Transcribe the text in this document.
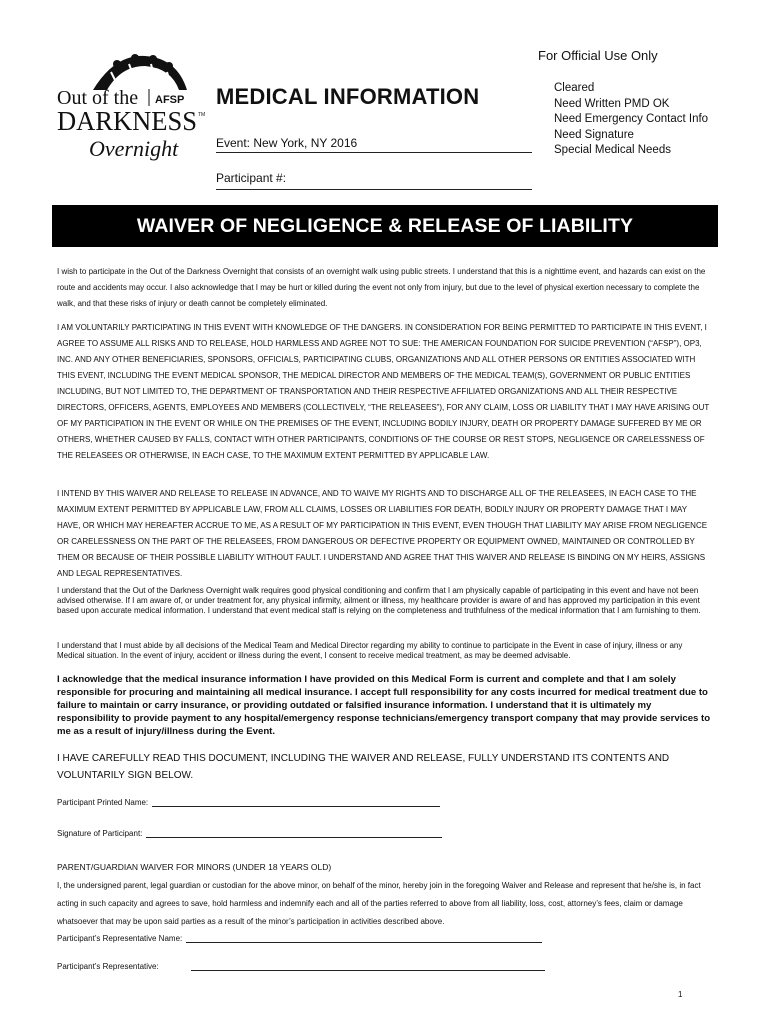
For Official Use Only
Out of the AFSP
DARKNESS TM
Overnight
MEDICAL INFORMATION
Event: New York, NY 2016
Participant #:
Cleared
Need Written PMD OK
Need Emergency Contact Info
Need Signature
Special Medical Needs
WAIVER OF NEGLIGENCE & RELEASE OF LIABILITY
I wish to participate in the Out of the Darkness Overnight that consists of an overnight walk using public streets. I understand that this is a nighttime event, and hazards can exist on the route and accidents may occur. I also acknowledge that I may be hurt or killed during the event not only from injury, but due to the level of physical exertion necessary to complete the walk, and that these risks of injury or death cannot be completely eliminated.
I AM VOLUNTARILY PARTICIPATING IN THIS EVENT WITH KNOWLEDGE OF THE DANGERS. IN CONSIDERATION FOR BEING PERMITTED TO PARTICIPATE IN THIS EVENT, I AGREE TO ASSUME ALL RISKS AND TO RELEASE, HOLD HARMLESS AND AGREE NOT TO SUE: THE AMERICAN FOUNDATION FOR SUICIDE PREVENTION (“AFSP”), OP3, INC. AND ANY OTHER BENEFICIARIES, SPONSORS, OFFICIALS, PARTICIPATING CLUBS, ORGANIZATIONS AND ALL OTHER PERSONS OR ENTITIES ASSOCIATED WITH THIS EVENT, INCLUDING THE EVENT MEDICAL SPONSOR, THE MEDICAL DIRECTOR AND MEMBERS OF THE MEDICAL TEAM(S), GOVERNMENT OR PUBLIC ENTITIES INCLUDING, BUT NOT LIMITED TO, THE DEPARTMENT OF TRANSPORTATION AND THEIR RESPECTIVE AFFILIATED ORGANIZATIONS AND ALL THEIR RESPECTIVE DIRECTORS, OFFICERS, AGENTS, EMPLOYEES AND MEMBERS (COLLECTIVELY, “THE RELEASEES”), FOR ANY CLAIM, LOSS OR LIABILITY THAT I MAY HAVE ARISING OUT OF MY PARTICIPATION IN THE EVENT OR WHILE ON THE PREMISES OF THE EVENT, INCLUDING BODILY INJURY, DEATH OR PROPERTY DAMAGE SUFFERED BY ME OR OTHERS, WHETHER CAUSED BY FALLS, CONTACT WITH OTHER PARTICIPANTS, CONDITIONS OF THE COURSE OR REST STOPS, NEGLIGENCE OR CARELESSNESS OF THE RELEASEES OR OTHERWISE, IN EACH CASE, TO THE MAXIMUM EXTENT PERMITTED BY APPLICABLE LAW.
I INTEND BY THIS WAIVER AND RELEASE TO RELEASE IN ADVANCE, AND TO WAIVE MY RIGHTS AND TO DISCHARGE ALL OF THE RELEASEES, IN EACH CASE TO THE MAXIMUM EXTENT PERMITTED BY APPLICABLE LAW, FROM ALL CLAIMS, LOSSES OR LIABILITIES FOR DEATH, BODILY INJURY OR PROPERTY DAMAGE THAT I MAY HAVE, OR WHICH MAY HEREAFTER ACCRUE TO ME, AS A RESULT OF MY PARTICIPATION IN THIS EVENT, EVEN THOUGH THAT LIABILITY MAY ARISE FROM NEGLIGENCE OR CARELESSNESS ON THE PART OF THE RELEASEES, FROM DANGEROUS OR DEFECTIVE PROPERTY OR EQUIPMENT OWNED, MAINTAINED OR CONTROLLED BY THEM OR BECAUSE OF THEIR POSSIBLE LIABILITY WITHOUT FAULT. I UNDERSTAND AND AGREE THAT THIS WAIVER AND RELEASE IS BINDING ON MY HEIRS, ASSIGNS AND LEGAL REPRESENTATIVES.
I understand that the Out of the Darkness Overnight walk requires good physical conditioning and confirm that I am physically capable of participating in this event and have not been advised otherwise. If I am aware of, or under treatment for, any physical infirmity, ailment or illness, my healthcare provider is aware of and has approved my participation in this event based upon accurate medical information. I understand that event medical staff is relying on the completeness and truthfulness of the medical information that I am furnishing to them.
I understand that I must abide by all decisions of the Medical Team and Medical Director regarding my ability to continue to participate in the Event in case of injury, illness or any Medical situation. In the event of injury, accident or illness during the event, I consent to receive medical treatment, as may be deemed advisable.
I acknowledge that the medical insurance information I have provided on this Medical Form is current and complete and that I am solely responsible for procuring and maintaining all medical insurance. I accept full responsibility for any costs incurred for medical treatment due to failure to maintain or carry insurance, or providing outdated or falsified insurance information. I understand that it is ultimately my responsibility to provide payment to any hospital/emergency response technicians/emergency transport company that may provide services to me as a result of injury/illness during the Event.
I HAVE CAREFULLY READ THIS DOCUMENT, INCLUDING THE WAIVER AND RELEASE, FULLY UNDERSTAND ITS CONTENTS AND VOLUNTARILY SIGN BELOW.
Participant Printed Name:
Signature of Participant:
PARENT/GUARDIAN WAIVER FOR MINORS (UNDER 18 YEARS OLD)
I, the undersigned parent, legal guardian or custodian for the above minor, on behalf of the minor, hereby join in the foregoing Waiver and Release and represent that he/she is, in fact acting in such capacity and agrees to save, hold harmless and indemnify each and all of the parties referred to above from all liability, loss, cost, attorney’s fees, claim or damage whatsoever that may be upon said parties as a result of the minor’s participation in activities described above.
Participant’s Representative Name:
Participant’s Representative:
1
